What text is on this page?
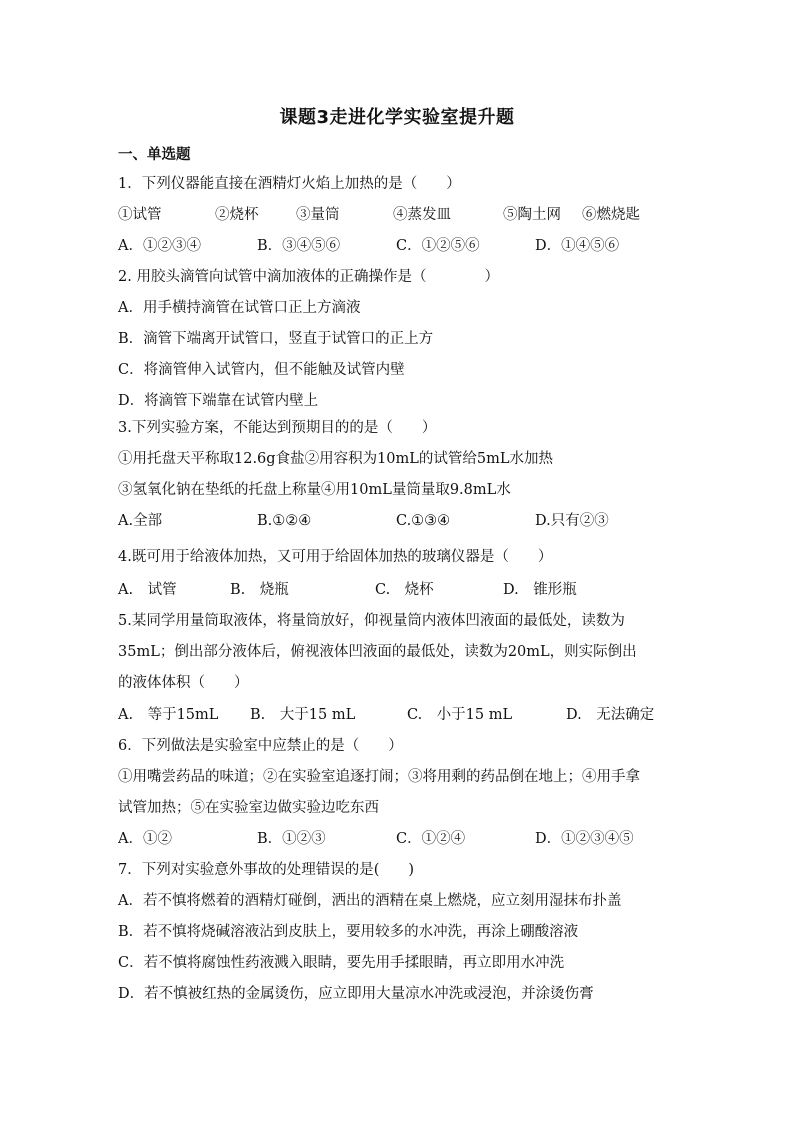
课题3走进化学实验室提升题
一、单选题
1．下列仪器能直接在酒精灯火焰上加热的是（　　）
①试管	②烧杯	③量筒	④蒸发皿	⑤陶土网 ⑥燃烧匙
A．①②③④	B．③④⑤⑥	C．①②⑤⑥	D．①④⑤⑥
2. 用胶头滴管向试管中滴加液体的正确操作是（　　　　）
A．用手横持滴管在试管口正上方滴液
B．滴管下端离开试管口，竖直于试管口的正上方
C．将滴管伸入试管内，但不能触及试管内壁
D．将滴管下端靠在试管内壁上
3.下列实验方案，不能达到预期目的的是（　　）
①用托盘天平称取12.6g食盐②用容积为10mL的试管给5mL水加热
③氢氧化钠在垫纸的托盘上称量④用10mL量筒量取9.8mL水
A.全部	B.①②④	C.①③④	D.只有②③
4.既可用于给液体加热，又可用于给固体加热的玻璃仪器是（　　）
A.　试管	B.　烧瓶	C.　烧杯	D.　锥形瓶
5.某同学用量筒取液体，将量筒放好，仰视量筒内液体凹液面的最低处，读数为
35mL；倒出部分液体后，俯视液体凹液面的最低处，读数为20mL，则实际倒出
的液体体积（　　）
A.　等于15mL B.　大于15 mL	C.　小于15 mL	D.　无法确定
6．下列做法是实验室中应禁止的是（　　）
①用嘴尝药品的味道；②在实验室追逐打闹；③将用剩的药品倒在地上；④用手拿
试管加热；⑤在实验室边做实验边吃东西
A．①②	B．①②③	C．①②④	D．①②③④⑤
7．下列对实验意外事故的处理错误的是(　　)
A．若不慎将燃着的酒精灯碰倒，洒出的酒精在桌上燃烧，应立刻用湿抹布扑盖
B．若不慎将烧碱溶液沾到皮肤上，要用较多的水冲洗，再涂上硼酸溶液
C．若不慎将腐蚀性药液溅入眼睛，要先用手揉眼睛，再立即用水冲洗
D．若不慎被红热的金属烫伤，应立即用大量凉水冲洗或浸泡，并涂烫伤膏
